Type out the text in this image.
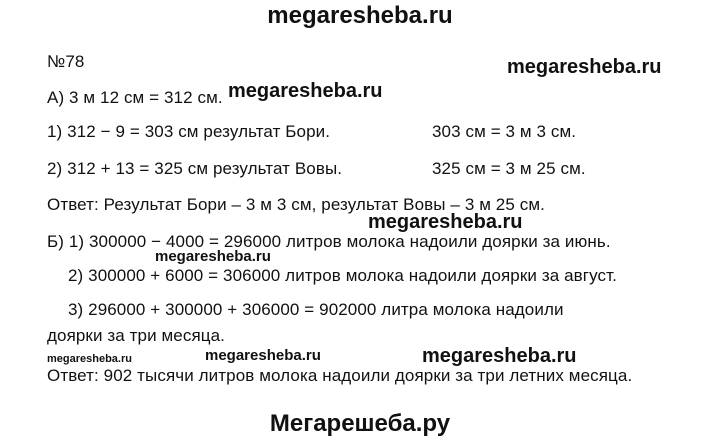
megaresheba.ru
№78	megaresheba.ru
А) 3 м 12 см = 312 см. megaresheba.ru
1) 312 − 9 = 303 см результат Бори.	303 см = 3 м 3 см.
2) 312 + 13 = 325 см результат Вовы.	325 см = 3 м 25 см.
Ответ: Результат Бори – 3 м 3 см, результат Вовы – 3 м 25 см.
megaresheba.ru
Б) 1) 300000 − 4000 = 296000 литров молока надоили доярки за июнь.
megaresheba.ru
2) 300000 + 6000 = 306000 литров молока надоили доярки за август.
3) 296000 + 300000 + 306000 = 902000 литра молока надоили
доярки за три месяца.
megaresheba.ru	megaresheba.ru	megaresheba.ru
Ответ: 902 тысячи литров молока надоили доярки за три летних месяца.
Мегарешеба.ру
